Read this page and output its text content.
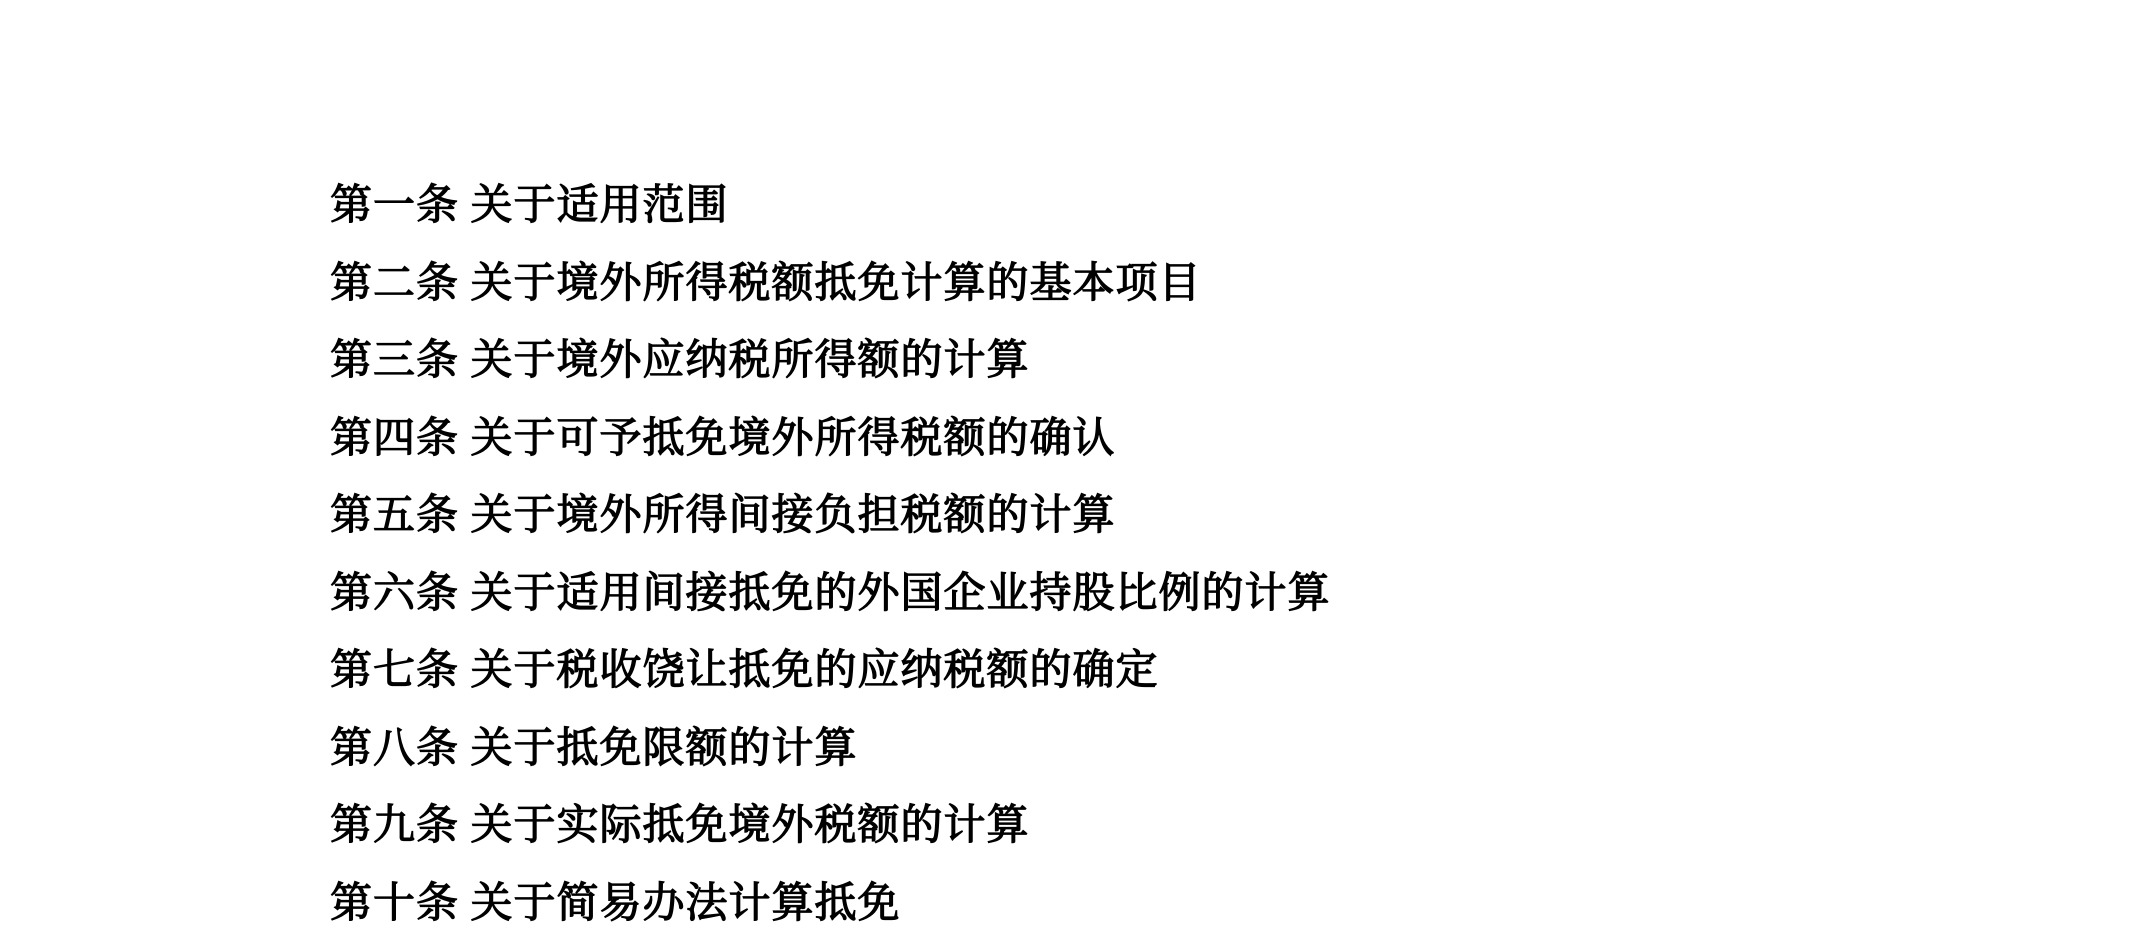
第一条 关于适用范围
第二条 关于境外所得税额抵免计算的基本项目
第三条 关于境外应纳税所得额的计算
第四条 关于可予抵免境外所得税额的确认
第五条 关于境外所得间接负担税额的计算
第六条 关于适用间接抵免的外国企业持股比例的计算
第七条 关于税收饶让抵免的应纳税额的确定
第八条 关于抵免限额的计算
第九条 关于实际抵免境外税额的计算
第十条 关于简易办法计算抵免
